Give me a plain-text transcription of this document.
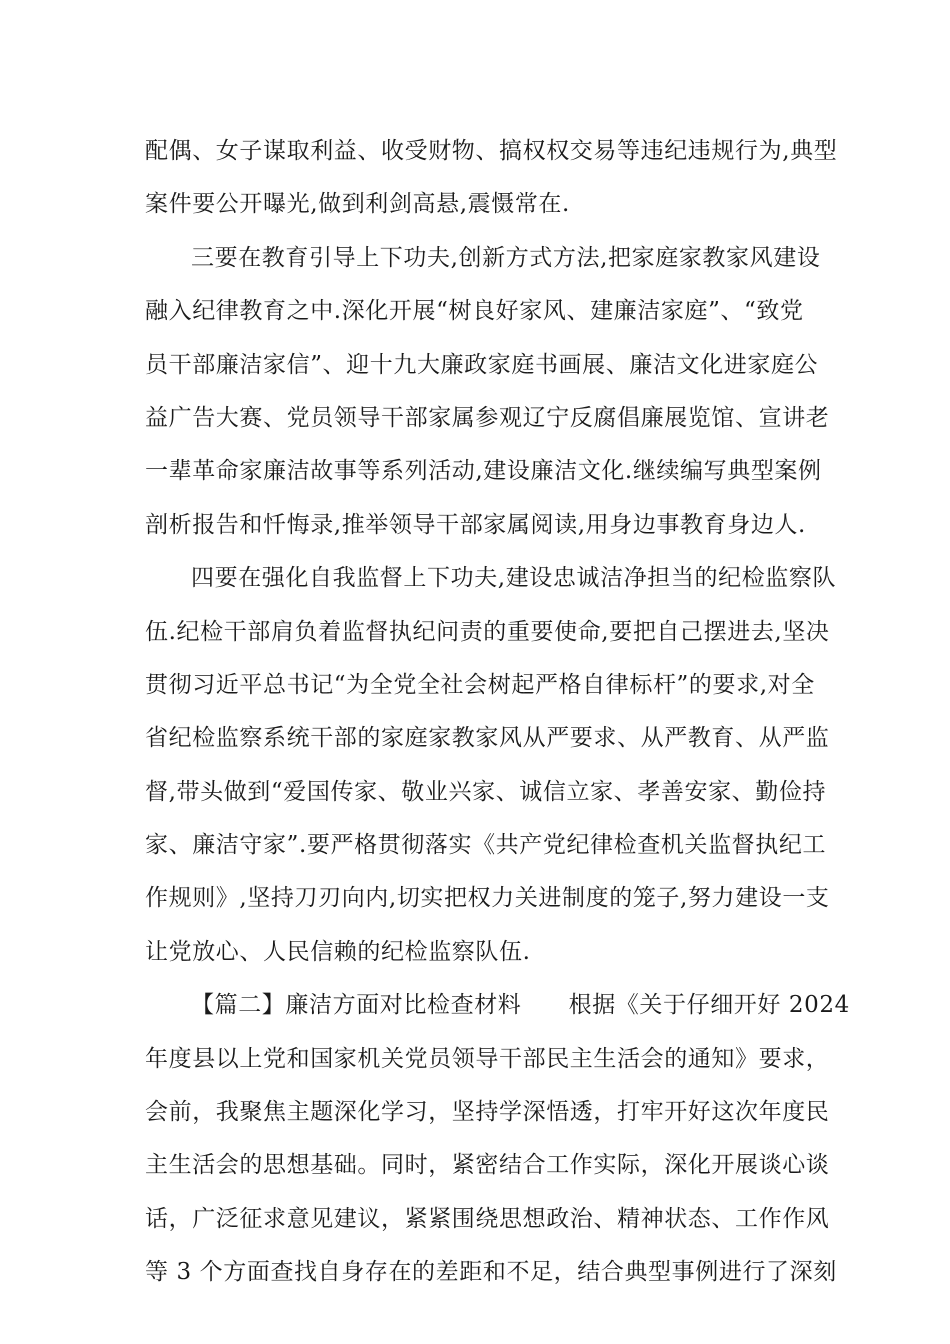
配偶、女子谋取利益、收受财物、搞权权交易等违纪违规行为,典型
案件要公开曝光,做到利剑高悬,震慑常在.
三要在教育引导上下功夫,创新方式方法,把家庭家教家风建设
融入纪律教育之中.深化开展“树良好家风、建廉洁家庭”、“致党
员干部廉洁家信”、迎十九大廉政家庭书画展、廉洁文化进家庭公
益广告大赛、党员领导干部家属参观辽宁反腐倡廉展览馆、宣讲老
一辈革命家廉洁故事等系列活动,建设廉洁文化.继续编写典型案例
剖析报告和忏悔录,推举领导干部家属阅读,用身边事教育身边人.
四要在强化自我监督上下功夫,建设忠诚洁净担当的纪检监察队
伍.纪检干部肩负着监督执纪问责的重要使命,要把自己摆进去,坚决
贯彻习近平总书记“为全党全社会树起严格自律标杆”的要求,对全
省纪检监察系统干部的家庭家教家风从严要求、从严教育、从严监
督,带头做到“爱国传家、敬业兴家、诚信立家、孝善安家、勤俭持
家、廉洁守家”.要严格贯彻落实《共产党纪律检查机关监督执纪工
作规则》,坚持刀刃向内,切实把权力关进制度的笼子,努力建设一支
让党放心、人民信赖的纪检监察队伍.
【篇二】廉洁方面对比检查材料　　根据《关于仔细开好 2024
年度县以上党和国家机关党员领导干部民主生活会的通知》要求，
会前，我聚焦主题深化学习，坚持学深悟透，打牢开好这次年度民
主生活会的思想基础。同时，紧密结合工作实际，深化开展谈心谈
话，广泛征求意见建议，紧紧围绕思想政治、精神状态、工作作风
等 3 个方面查找自身存在的差距和不足，结合典型事例进行了深刻
